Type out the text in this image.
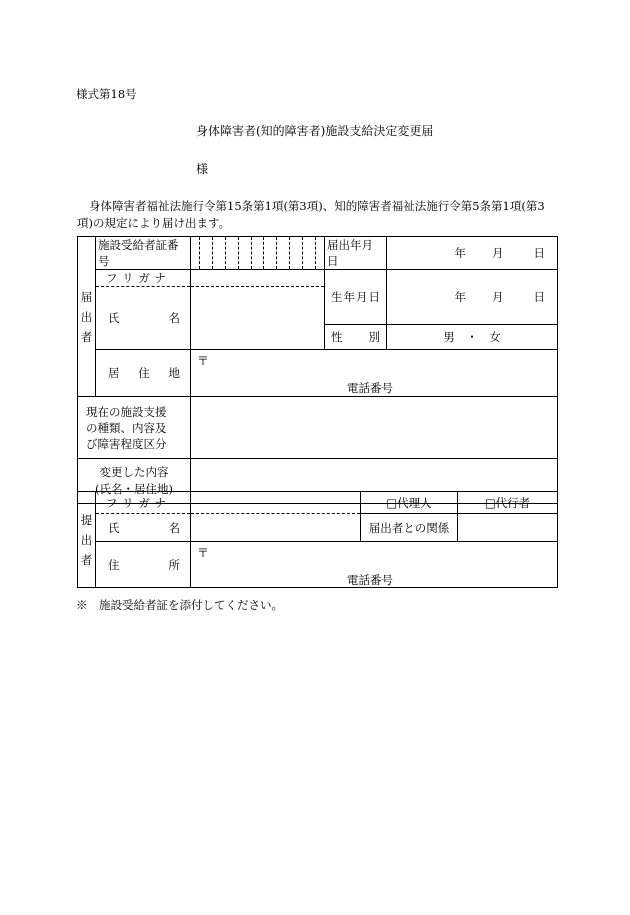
様式第18号
身体障害者(知的障害者)施設支給決定変更届
様
身体障害者福祉法施行令第15条第1項(第3項)、知的障害者福祉法施行令第5条第1項(第3項)の規定により届け出ます。
届
出
者	施設受給者証番号		届出年月日	年 月 日

	フ リ ガ ナ		生 年 月 日	年 月 日

	氏 名			

			性 別	男　・　女

	居 住 地	〒
電話番号		

現在の施設支援の種類、内容及び障害程度区分				

変更した内容
(氏名・居住地)				

提
出
者	フ リ ガ ナ		□代理人	□代行者

	氏 名		届出者との関係	

	住 所	〒
電話番号		
※　施設受給者証を添付してください。
